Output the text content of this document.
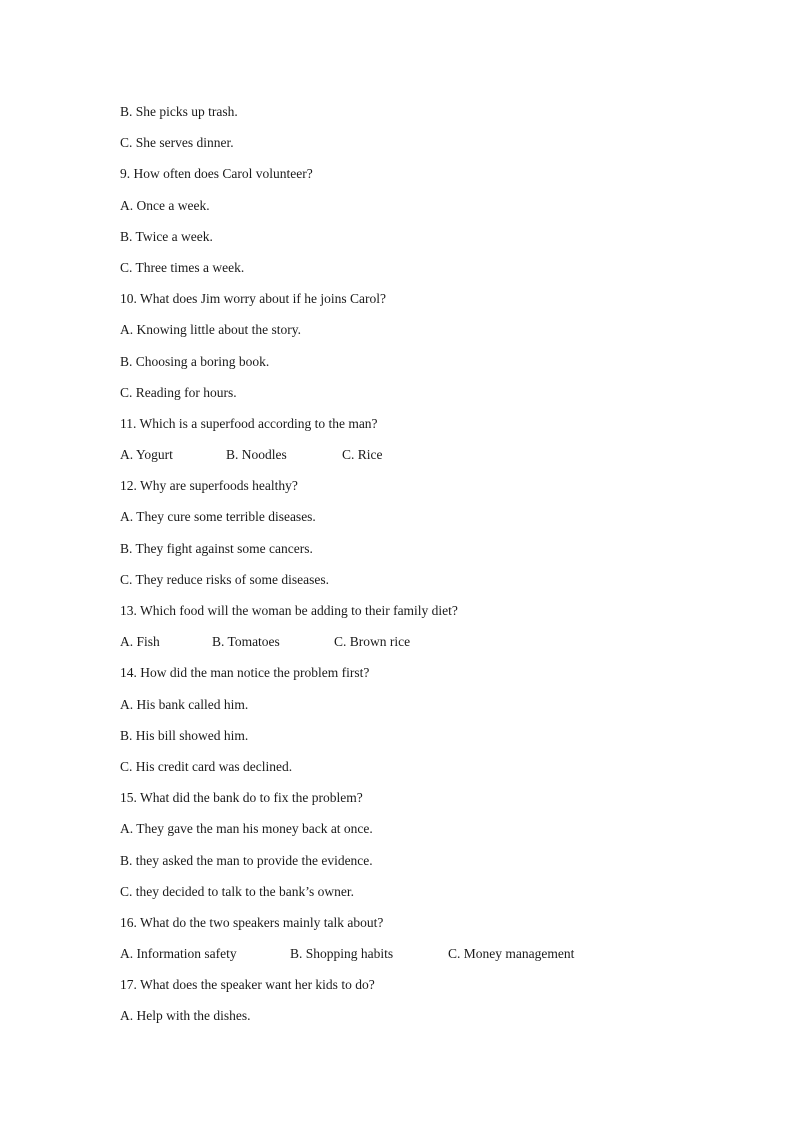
B. She picks up trash.
C. She serves dinner.
9. How often does Carol volunteer?
A. Once a week.
B. Twice a week.
C. Three times a week.
10. What does Jim worry about if he joins Carol?
A. Knowing little about the story.
B. Choosing a boring book.
C. Reading for hours.
11. Which is a superfood according to the man?
A. Yogurt	B. Noodles	C. Rice
12. Why are superfoods healthy?
A. They cure some terrible diseases.
B. They fight against some cancers.
C. They reduce risks of some diseases.
13. Which food will the woman be adding to their family diet?
A. Fish	B. Tomatoes	C. Brown rice
14. How did the man notice the problem first?
A. His bank called him.
B. His bill showed him.
C. His credit card was declined.
15. What did the bank do to fix the problem?
A. They gave the man his money back at once.
B. they asked the man to provide the evidence.
C. they decided to talk to the bank’s owner.
16. What do the two speakers mainly talk about?
A. Information safety	B. Shopping habits	C. Money management
17. What does the speaker want her kids to do?
A. Help with the dishes.
